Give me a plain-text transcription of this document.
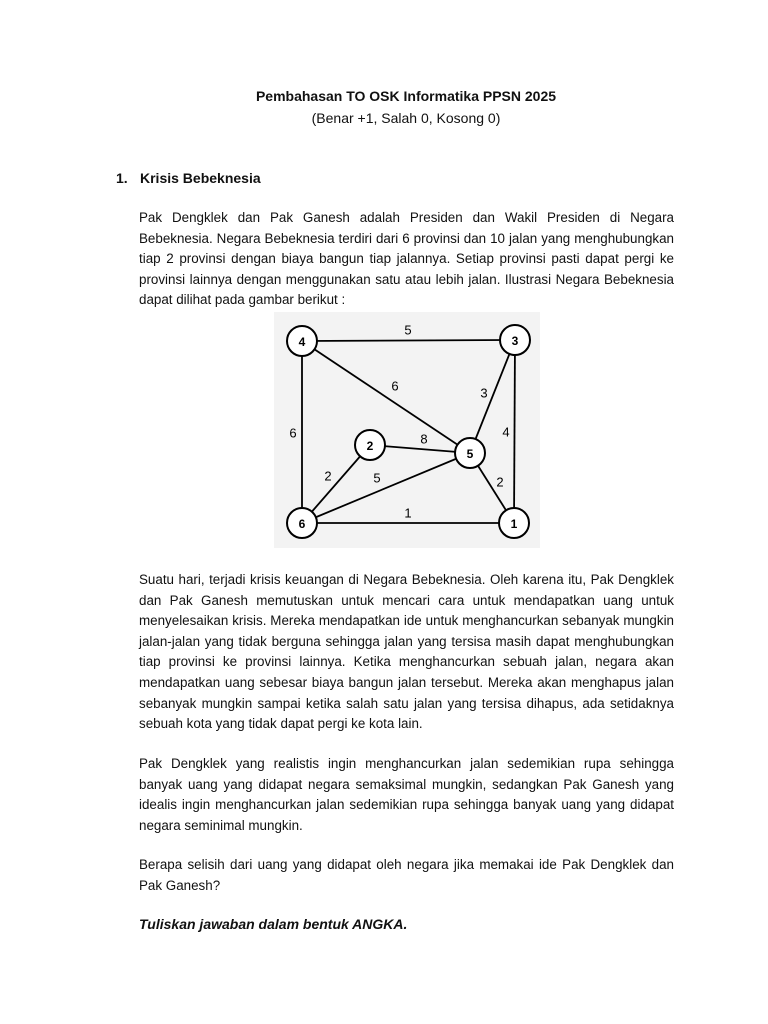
Pembahasan TO OSK Informatika PPSN 2025
(Benar +1, Salah 0, Kosong 0)
1. Krisis Bebeknesia

Pak Dengklek dan Pak Ganesh adalah Presiden dan Wakil Presiden di Negara Bebeknesia. Negara Bebeknesia terdiri dari 6 provinsi dan 10 jalan yang menghubungkan tiap 2 provinsi dengan biaya bangun tiap jalannya. Setiap provinsi pasti dapat pergi ke provinsi lainnya dengan menggunakan satu atau lebih jalan. Ilustrasi Negara Bebeknesia dapat dilihat pada gambar berikut :

5
6	3
6	4
8
2	5	2
1
1
2
3
4
5
6

Suatu hari, terjadi krisis keuangan di Negara Bebeknesia. Oleh karena itu, Pak Dengklek dan Pak Ganesh memutuskan untuk mencari cara untuk mendapatkan uang untuk menyelesaikan krisis. Mereka mendapatkan ide untuk menghancurkan sebanyak mungkin jalan-jalan yang tidak berguna sehingga jalan yang tersisa masih dapat menghubungkan tiap provinsi ke provinsi lainnya. Ketika menghancurkan sebuah jalan, negara akan mendapatkan uang sebesar biaya bangun jalan tersebut. Mereka akan menghapus jalan sebanyak mungkin sampai ketika salah satu jalan yang tersisa dihapus, ada setidaknya sebuah kota yang tidak dapat pergi ke kota lain.

Pak Dengklek yang realistis ingin menghancurkan jalan sedemikian rupa sehingga banyak uang yang didapat negara semaksimal mungkin, sedangkan Pak Ganesh yang idealis ingin menghancurkan jalan sedemikian rupa sehingga banyak uang yang didapat negara seminimal mungkin.

Berapa selisih dari uang yang didapat oleh negara jika memakai ide Pak Dengklek dan Pak Ganesh?

Tuliskan jawaban dalam bentuk ANGKA.
